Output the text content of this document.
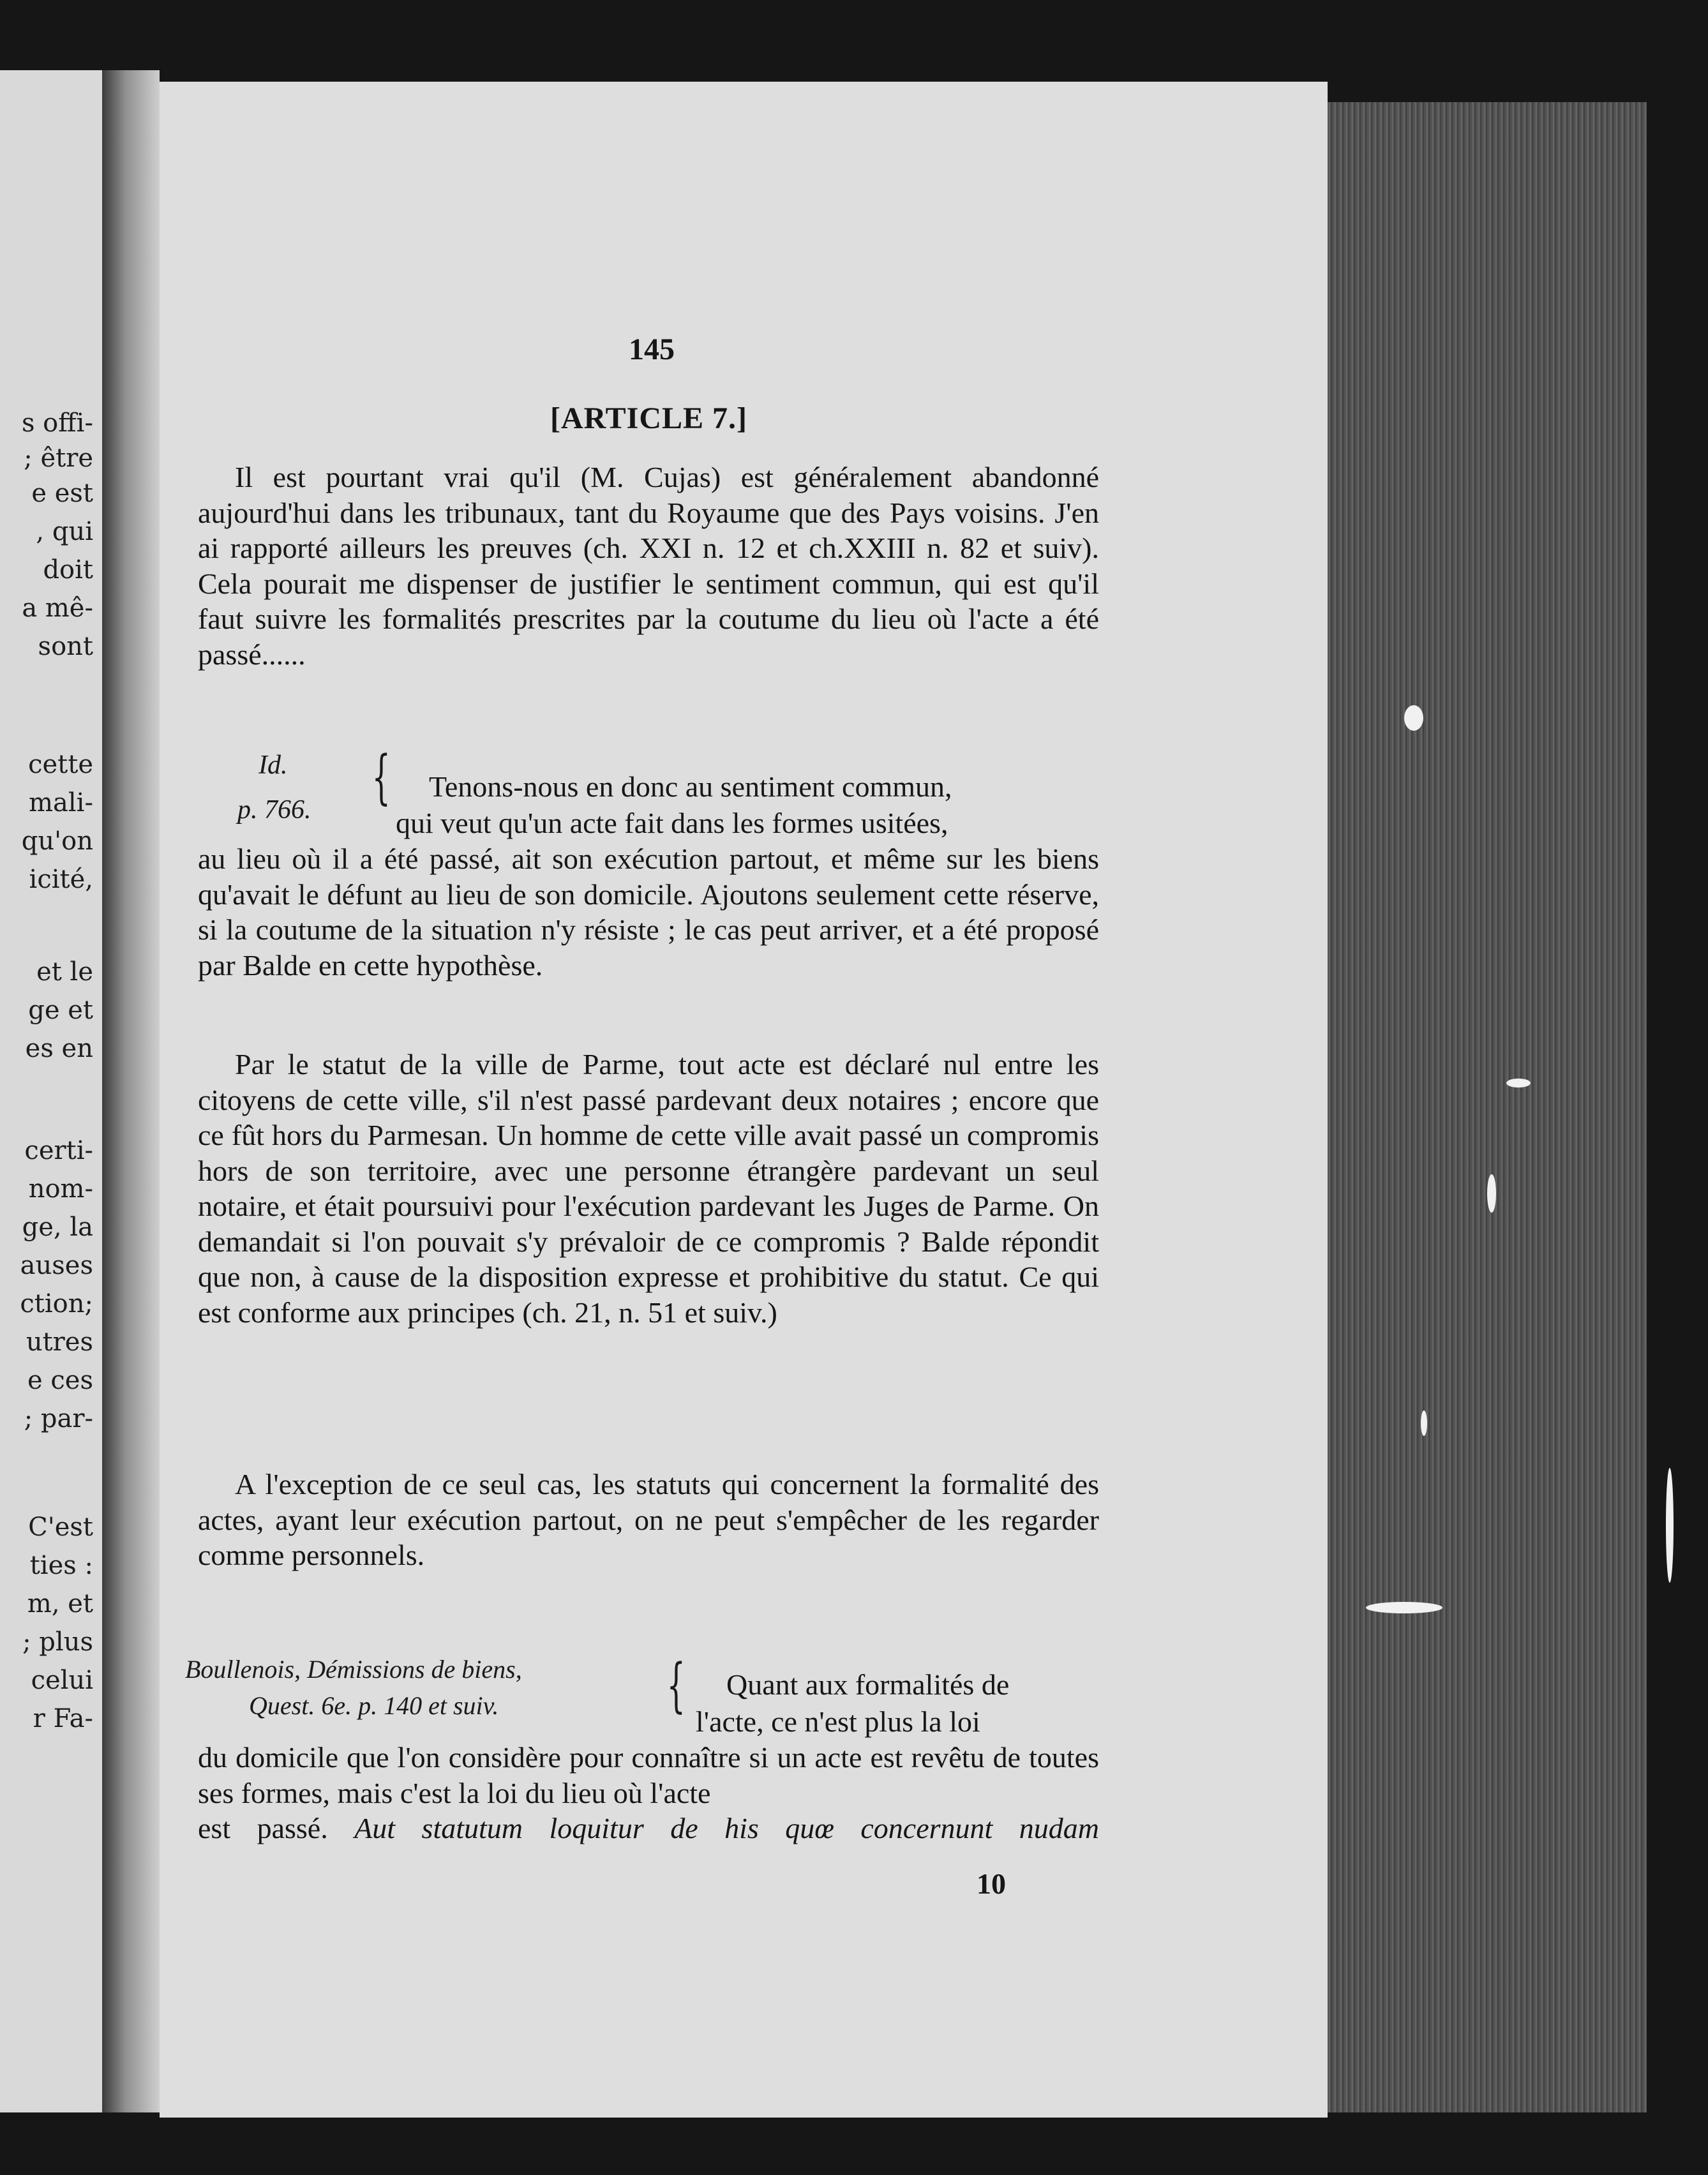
s offi-
; être
e est
, qui
doit
a mê-
sont
cette
mali-
qu'on
icité,
et le
ge et
es en
certi-
nom-
ge, la
auses
ction;
utres
e ces
; par-
C'est
ties :
m, et
; plus
celui
r Fa-
145
[ARTICLE 7.]

Il est pourtant vrai qu'il (M. Cujas) est généralement abandonné aujourd'hui dans les tribunaux, tant du Royaume que des Pays voisins. J'en ai rapporté ailleurs les preuves (ch. XXI n. 12 et ch.XXIII n. 82 et suiv). Cela pourait me dispenser de justifier le sentiment commun, qui est qu'il faut suivre les formalités prescrites par la coutume du lieu où l'acte a été passé......

Id.
p. 766. { Tenons-nous en donc au sentiment commun,
qui veut qu'un acte fait dans les formes usitées,

au lieu où il a été passé, ait son exécution partout, et même sur les biens qu'avait le défunt au lieu de son domicile. Ajoutons seulement cette réserve, si la coutume de la situation n'y résiste ; le cas peut arriver, et a été proposé par Balde en cette hypothèse.

Par le statut de la ville de Parme, tout acte est déclaré nul entre les citoyens de cette ville, s'il n'est passé pardevant deux notaires ; encore que ce fût hors du Parmesan. Un homme de cette ville avait passé un compromis hors de son territoire, avec une personne étrangère pardevant un seul notaire, et était poursuivi pour l'exécution pardevant les Juges de Parme. On demandait si l'on pouvait s'y prévaloir de ce compromis ? Balde répondit que non, à cause de la disposition expresse et prohibitive du statut. Ce qui est conforme aux principes (ch. 21, n. 51 et suiv.)

A l'exception de ce seul cas, les statuts qui concernent la formalité des actes, ayant leur exécution partout, on ne peut s'empêcher de les regarder comme personnels.

Boullenois, Démissions de biens,
Quest. 6e. p. 140 et suiv.	{ Quant aux formalités de
l'acte, ce n'est plus la loi

du domicile que l'on considère pour connaître si un acte est revêtu de toutes ses formes, mais c'est la loi du lieu où l'acte

est passé. Aut statutum loquitur de his quœ concernunt nudam

10
